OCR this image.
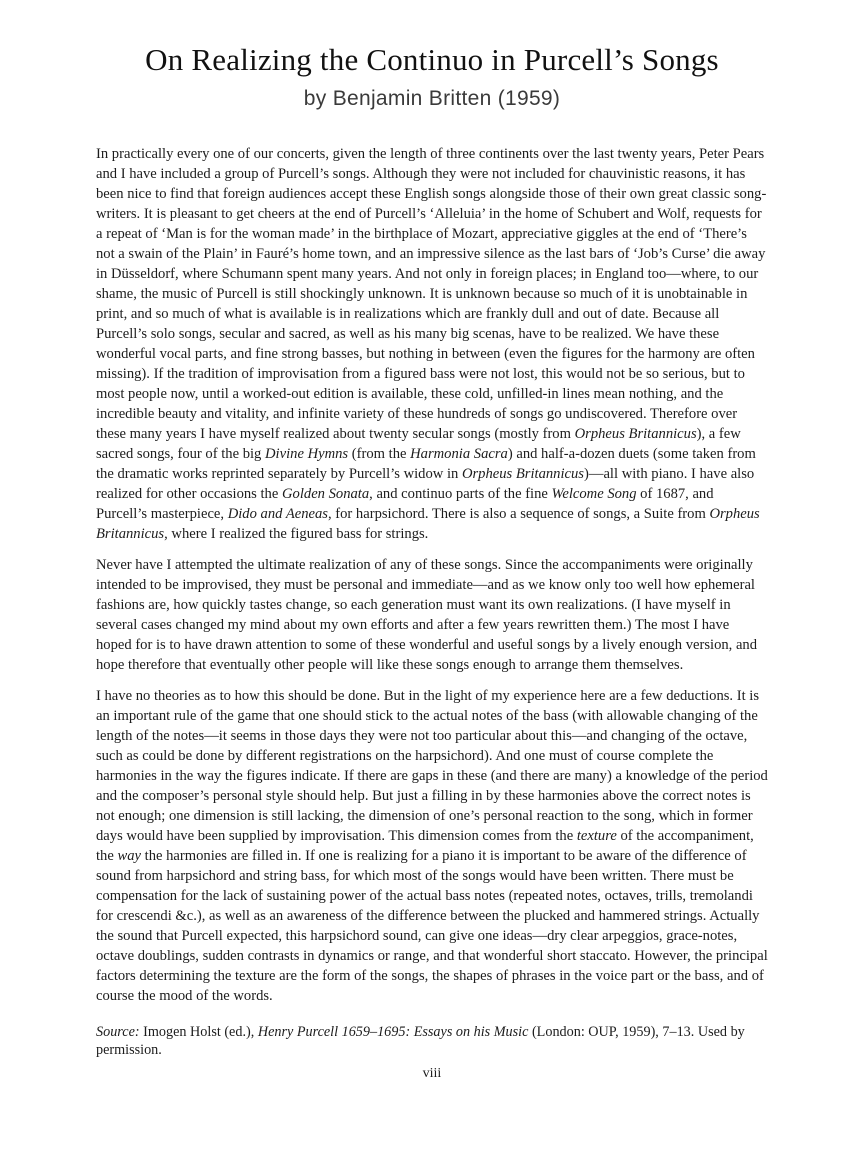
On Realizing the Continuo in Purcell’s Songs
by Benjamin Britten (1959)

In practically every one of our concerts, given the length of three continents over the last twenty years, Peter Pears and I have included a group of Purcell’s songs. Although they were not included for chauvinistic reasons, it has been nice to find that foreign audiences accept these English songs alongside those of their own great classic song-writers. It is pleasant to get cheers at the end of Purcell’s ‘Alleluia’ in the home of Schubert and Wolf, requests for a repeat of ‘Man is for the woman made’ in the birthplace of Mozart, appreciative giggles at the end of ‘There’s not a swain of the Plain’ in Fauré’s home town, and an impressive silence as the last bars of ‘Job’s Curse’ die away in Düsseldorf, where Schumann spent many years. And not only in foreign places; in England too—where, to our shame, the music of Purcell is still shockingly unknown. It is unknown because so much of it is unobtainable in print, and so much of what is available is in realizations which are frankly dull and out of date. Because all Purcell’s solo songs, secular and sacred, as well as his many big scenas, have to be realized. We have these wonderful vocal parts, and fine strong basses, but nothing in between (even the figures for the harmony are often missing). If the tradition of improvisation from a figured bass were not lost, this would not be so serious, but to most people now, until a worked-out edition is available, these cold, unfilled-in lines mean nothing, and the incredible beauty and vitality, and infinite variety of these hundreds of songs go undiscovered. Therefore over these many years I have myself realized about twenty secular songs (mostly from Orpheus Britannicus), a few sacred songs, four of the big Divine Hymns (from the Harmonia Sacra) and half-a-dozen duets (some taken from the dramatic works reprinted separately by Purcell’s widow in Orpheus Britannicus)—all with piano. I have also realized for other occasions the Golden Sonata, and continuo parts of the fine Welcome Song of 1687, and Purcell’s masterpiece, Dido and Aeneas, for harpsichord. There is also a sequence of songs, a Suite from Orpheus Britannicus, where I realized the figured bass for strings.

Never have I attempted the ultimate realization of any of these songs. Since the accompaniments were originally intended to be improvised, they must be personal and immediate—and as we know only too well how ephemeral fashions are, how quickly tastes change, so each generation must want its own realizations. (I have myself in several cases changed my mind about my own efforts and after a few years rewritten them.) The most I have hoped for is to have drawn attention to some of these wonderful and useful songs by a lively enough version, and hope therefore that eventually other people will like these songs enough to arrange them themselves.

I have no theories as to how this should be done. But in the light of my experience here are a few deductions. It is an important rule of the game that one should stick to the actual notes of the bass (with allowable changing of the length of the notes—it seems in those days they were not too particular about this—and changing of the octave, such as could be done by different registrations on the harpsichord). And one must of course complete the harmonies in the way the figures indicate. If there are gaps in these (and there are many) a knowledge of the period and the composer’s personal style should help. But just a filling in by these harmonies above the correct notes is not enough; one dimension is still lacking, the dimension of one’s personal reaction to the song, which in former days would have been supplied by improvisation. This dimension comes from the texture of the accompaniment, the way the harmonies are filled in. If one is realizing for a piano it is important to be aware of the difference of sound from harpsichord and string bass, for which most of the songs would have been written. There must be compensation for the lack of sustaining power of the actual bass notes (repeated notes, octaves, trills, tremolandi for crescendi &c.), as well as an awareness of the difference between the plucked and hammered strings. Actually the sound that Purcell expected, this harpsichord sound, can give one ideas—dry clear arpeggios, grace-notes, octave doublings, sudden contrasts in dynamics or range, and that wonderful short staccato. However, the principal factors determining the texture are the form of the songs, the shapes of phrases in the voice part or the bass, and of course the mood of the words.

Source: Imogen Holst (ed.), Henry Purcell 1659–1695: Essays on his Music (London: OUP, 1959), 7–13. Used by permission.

viii
